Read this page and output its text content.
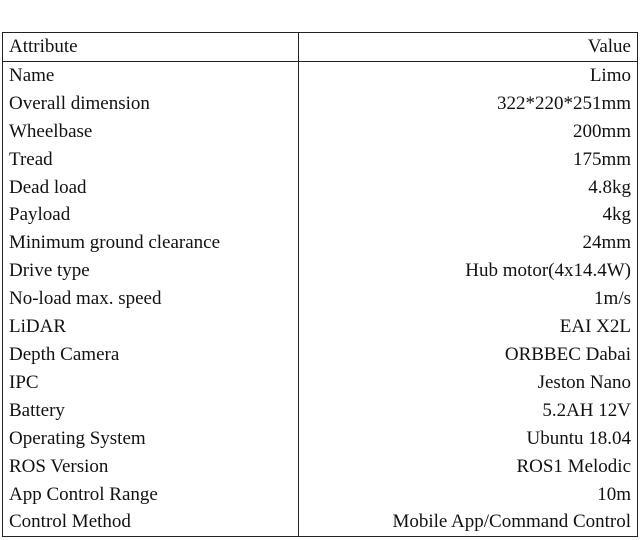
Attribute	Value
Name	Limo
Overall dimension	322*220*251mm
Wheelbase	200mm
Tread	175mm
Dead load	4.8kg
Payload	4kg
Minimum ground clearance	24mm
Drive type	Hub motor(4x14.4W)
No-load max. speed	1m/s
LiDAR	EAI X2L
Depth Camera	ORBBEC Dabai
IPC	Jeston Nano
Battery	5.2AH 12V
Operating System	Ubuntu 18.04
ROS Version	ROS1 Melodic
App Control Range	10m
Control Method	Mobile App/Command Control
